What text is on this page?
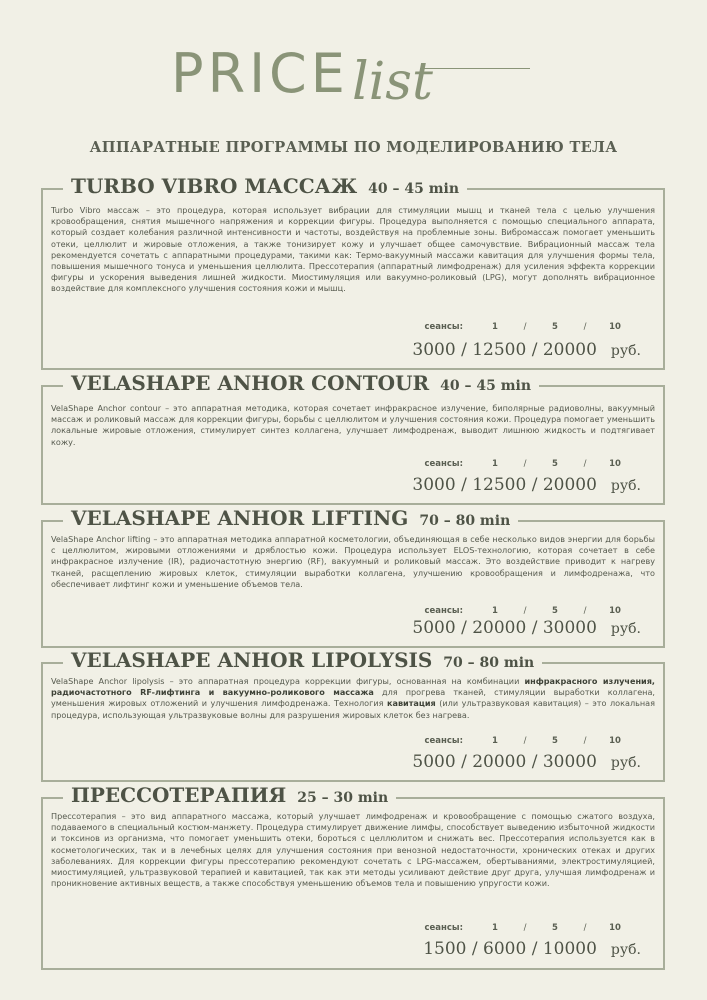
PRICE list
АППАРАТНЫЕ ПРОГРАММЫ ПО МОДЕЛИРОВАНИЮ ТЕЛА
TURBO VIBRO МАССАЖ 40 – 45 min
Turbo Vibro массаж – это процедура, которая использует вибрации для стимуляции мышц и тканей тела с целью улучшения кровообращения, снятия мышечного напряжения и коррекции фигуры. Процедура выполняется с помощью специального аппарата, который создает колебания различной интенсивности и частоты, воздействуя на проблемные зоны. Вибромассаж помогает уменьшить отеки, целлюлит и жировые отложения, а также тонизирует кожу и улучшает общее самочувствие. Вибрационный массаж тела рекомендуется сочетать с аппаратными процедурами, такими как: Термо-вакуумный массажи кавитация для улучшения формы тела, повышения мышечного тонуса и уменьшения целлюлита. Прессотерапия (аппаратный лимфодренаж) для усиления эффекта коррекции фигуры и ускорения выведения лишней жидкости. Миостимуляция или вакуумно-роликовый (LPG), могут дополнять вибрационное воздействие для комплексного улучшения состояния кожи и мышц.
сеансы:	1	/	5	/	10
3000 / 12500 / 20000 руб.
VELASHAPE ANHOR CONTOUR 40 – 45 min
VelaShape Anchor contour – это аппаратная методика, которая сочетает инфракрасное излучение, биполярные радиоволны, вакуумный массаж и роликовый массаж для коррекции фигуры, борьбы с целлюлитом и улучшения состояния кожи. Процедура помогает уменьшить локальные жировые отложения, стимулирует синтез коллагена, улучшает лимфодренаж, выводит лишнюю жидкость и подтягивает кожу.
сеансы:	1	/	5	/	10
3000 / 12500 / 20000 руб.
VELASHAPE ANHOR LIFTING 70 – 80 min
VelaShape Anchor lifting – это аппаратная методика аппаратной косметологии, объединяющая в себе несколько видов энергии для борьбы с целлюлитом, жировыми отложениями и дряблостью кожи. Процедура использует ELOS-технологию, которая сочетает в себе инфракрасное излучение (IR), радиочастотную энергию (RF), вакуумный и роликовый массаж. Это воздействие приводит к нагреву тканей, расщеплению жировых клеток, стимуляции выработки коллагена, улучшению кровообращения и лимфодренажа, что обеспечивает лифтинг кожи и уменьшение объемов тела.
сеансы:	1	/	5	/	10
5000 / 20000 / 30000 руб.
VELASHAPE ANHOR LIPOLYSIS 70 – 80 min
VelaShape Anchor lipolysis – это аппаратная процедура коррекции фигуры, основанная на комбинации инфракрасного излучения, радиочастотного RF-лифтинга и вакуумно-роликового массажа для прогрева тканей, стимуляции выработки коллагена, уменьшения жировых отложений и улучшения лимфодренажа. Технология кавитация (или ультразвуковая кавитация) – это локальная процедура, использующая ультразвуковые волны для разрушения жировых клеток без нагрева.
сеансы:	1	/	5	/	10
5000 / 20000 / 30000 руб.
ПРЕССОТЕРАПИЯ 25 – 30 min
Прессотерапия – это вид аппаратного массажа, который улучшает лимфодренаж и кровообращение с помощью сжатого воздуха, подаваемого в специальный костюм-манжету. Процедура стимулирует движение лимфы, способствует выведению избыточной жидкости и токсинов из организма, что помогает уменьшить отеки, бороться с целлюлитом и снижать вес. Прессотерапия используется как в косметологических, так и в лечебных целях для улучшения состояния при венозной недостаточности, хронических отеках и других заболеваниях. Для коррекции фигуры прессотерапию рекомендуют сочетать с LPG-массажем, обертываниями, электростимуляцией, миостимуляцией, ультразвуковой терапией и кавитацией, так как эти методы усиливают действие друг друга, улучшая лимфодренаж и проникновение активных веществ, а также способствуя уменьшению объемов тела и повышению упругости кожи.
сеансы:	1	/	5	/	10
1500 / 6000 / 10000 руб.
